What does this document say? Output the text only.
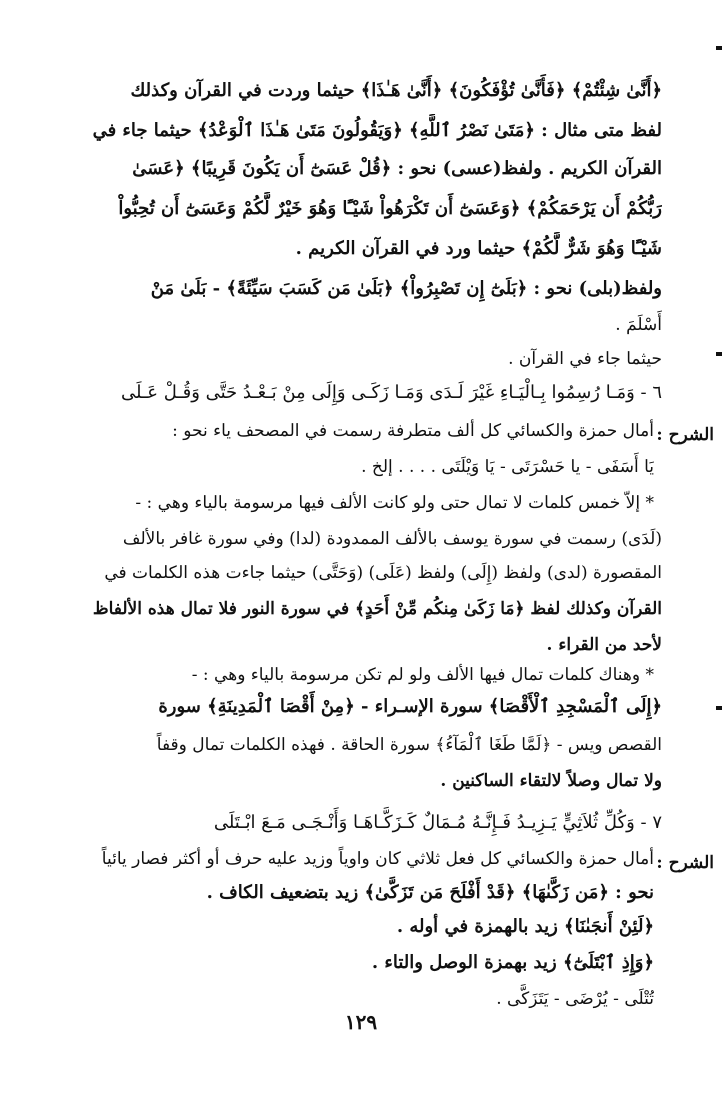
﴿أَنَّىٰ شِئْتُمْ﴾ ﴿فَأَنَّىٰ تُؤْفَكُونَ﴾ ﴿أَنَّىٰ هَـٰذَا﴾ حيثما وردت في القرآن وكذلك
لفظ متى مثال : ﴿مَتَىٰ نَصْرُ ٱللَّهِ﴾ ﴿وَيَقُولُونَ مَتَىٰ هَـٰذَا ٱلْوَعْدُ﴾ حيثما جاء في
القرآن الكريم . ولفظ(عسى) نحو : ﴿قُلْ عَسَىٰٓ أَن يَكُونَ قَرِيبًا﴾ ﴿عَسَىٰ
رَبُّكُمْ أَن يَرْحَمَكُمْ﴾ ﴿وَعَسَىٰٓ أَن تَكْرَهُواْ شَيْـًٔا وَهُوَ خَيْرٌ لَّكُمْ وَعَسَىٰٓ أَن تُحِبُّواْ
شَيْـًٔا وَهُوَ شَرٌّ لَّكُمْ﴾ حيثما ورد في القرآن الكريم .
ولفظ(بلى) نحو : ﴿بَلَىٰٓ إِن تَصْبِرُواْ﴾ ﴿بَلَىٰ مَن كَسَبَ سَيِّئَةً﴾ - بَلَىٰ مَنْ
أَسْلَمَ .
حيثما جاء في القرآن .
٦ - وَمَـا رُسِمُوا بِـالْيَـاءِ غَيْرَ لَـدَى وَمَـا زَكَـى وَإِلَى مِنْ بَـعْـدُ حَتَّى وَقُـلْ عَـلَى
الشرح :
أمال حمزة والكسائي كل ألف متطرفة رسمت في المصحف ياء نحو :
يَا أَسَفَى - يا حَسْرَتَى - يَا وَيْلَتَى . . . . إلخ .
* إلاّ خمس كلمات لا تمال حتى ولو كانت الألف فيها مرسومة بالياء وهي : -
(لَدَى) رسمت في سورة يوسف بالألف الممدودة (لدا) وفي سورة غافر بالألف
المقصورة (لدى) ولفظ (إِلَى) ولفظ (عَلَى) (وَحَتَّى) حيثما جاءت هذه الكلمات في
القرآن وكذلك لفظ ﴿مَا زَكَىٰ مِنكُم مِّنْ أَحَدٍ﴾ في سورة النور فلا تمال هذه الألفاظ
لأحد من القراء .
* وهناك كلمات تمال فيها الألف ولو لم تكن مرسومة بالياء وهي : -
﴿إِلَى ٱلْمَسْجِدِ ٱلْأَقْصَا﴾ سورة الإسـراء - ﴿مِنْ أَقْصَا ٱلْمَدِينَةِ﴾ سورة
القصص ويس - ﴿لَمَّا طَغَا ٱلْمَآءُ﴾ سورة الحاقة . فهذه الكلمات تمال وقفاً
ولا تمال وصلاً لالتقاء الساكنين .
٧ - وَكُلِّ ثُلاَثِيٍّ يَـزِيـدُ فَـإِنَّـهُ مُـمَالٌ كَـزَكَّـاهَـا وَأَنْـجَـى مَـعَ ابْـتَلَى
الشرح :
أمال حمزة والكسائي كل فعل ثلاثي كان واوياً وزيد عليه حرف أو أكثر فصار يائياً
نحو : ﴿مَن زَكَّىٰهَا﴾ ﴿قَدْ أَفْلَحَ مَن تَزَكَّىٰ﴾ زيد بتضعيف الكاف .
﴿لَئِنْ أَنجَىٰنَا﴾ زيد بالهمزة في أوله .
﴿وَإِذِ ٱبْتَلَىٰٓ﴾ زيد بهمزة الوصل والتاء .
تُتْلَى - يُرْضَى - يَتَزَكَّى .
١٢٩
